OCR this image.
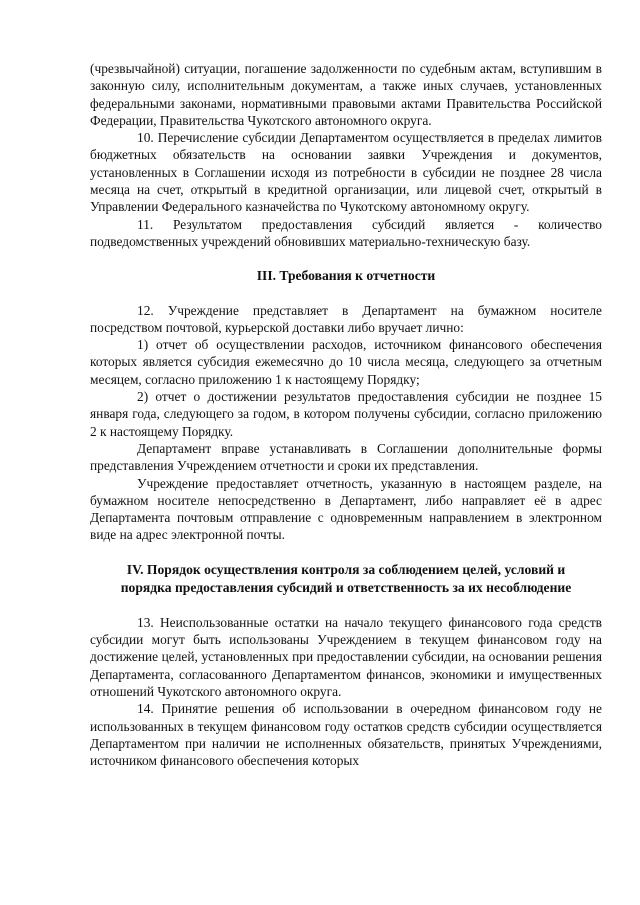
(чрезвычайной) ситуации, погашение задолженности по судебным актам, вступившим в законную силу, исполнительным документам, а также иных случаев, установленных федеральными законами, нормативными правовыми актами Правительства Российской Федерации, Правительства Чукотского автономного округа.

10. Перечисление субсидии Департаментом осуществляется в пределах лимитов бюджетных обязательств на основании заявки Учреждения и документов, установленных в Соглашении исходя из потребности в субсидии не позднее 28 числа месяца на счет, открытый в кредитной организации, или лицевой счет, открытый в Управлении Федерального казначейства по Чукотскому автономному округу.

11. Результатом предоставления субсидий является - количество подведомственных учреждений обновивших материально-техническую базу.

III. Требования к отчетности

12. Учреждение представляет в Департамент на бумажном носителе посредством почтовой, курьерской доставки либо вручает лично:

1) отчет об осуществлении расходов, источником финансового обеспечения которых является субсидия ежемесячно до 10 числа месяца, следующего за отчетным месяцем, согласно приложению 1 к настоящему Порядку;

2) отчет о достижении результатов предоставления субсидии не позднее 15 января года, следующего за годом, в котором получены субсидии, согласно приложению 2 к настоящему Порядку.

Департамент вправе устанавливать в Соглашении дополнительные формы представления Учреждением отчетности и сроки их представления.

Учреждение предоставляет отчетность, указанную в настоящем разделе, на бумажном носителе непосредственно в Департамент, либо направляет её в адрес Департамента почтовым отправление с одновременным направлением в электронном виде на адрес электронной почты.

IV. Порядок осуществления контроля за соблюдением целей, условий и
порядка предоставления субсидий и ответственность за их несоблюдение

13. Неиспользованные остатки на начало текущего финансового года средств субсидии могут быть использованы Учреждением в текущем финансовом году на достижение целей, установленных при предоставлении субсидии, на основании решения Департамента, согласованного Департаментом финансов, экономики и имущественных отношений Чукотского автономного округа.

14. Принятие решения об использовании в очередном финансовом году не использованных в текущем финансовом году остатков средств субсидии осуществляется Департаментом при наличии не исполненных обязательств, принятых Учреждениями, источником финансового обеспечения которых
